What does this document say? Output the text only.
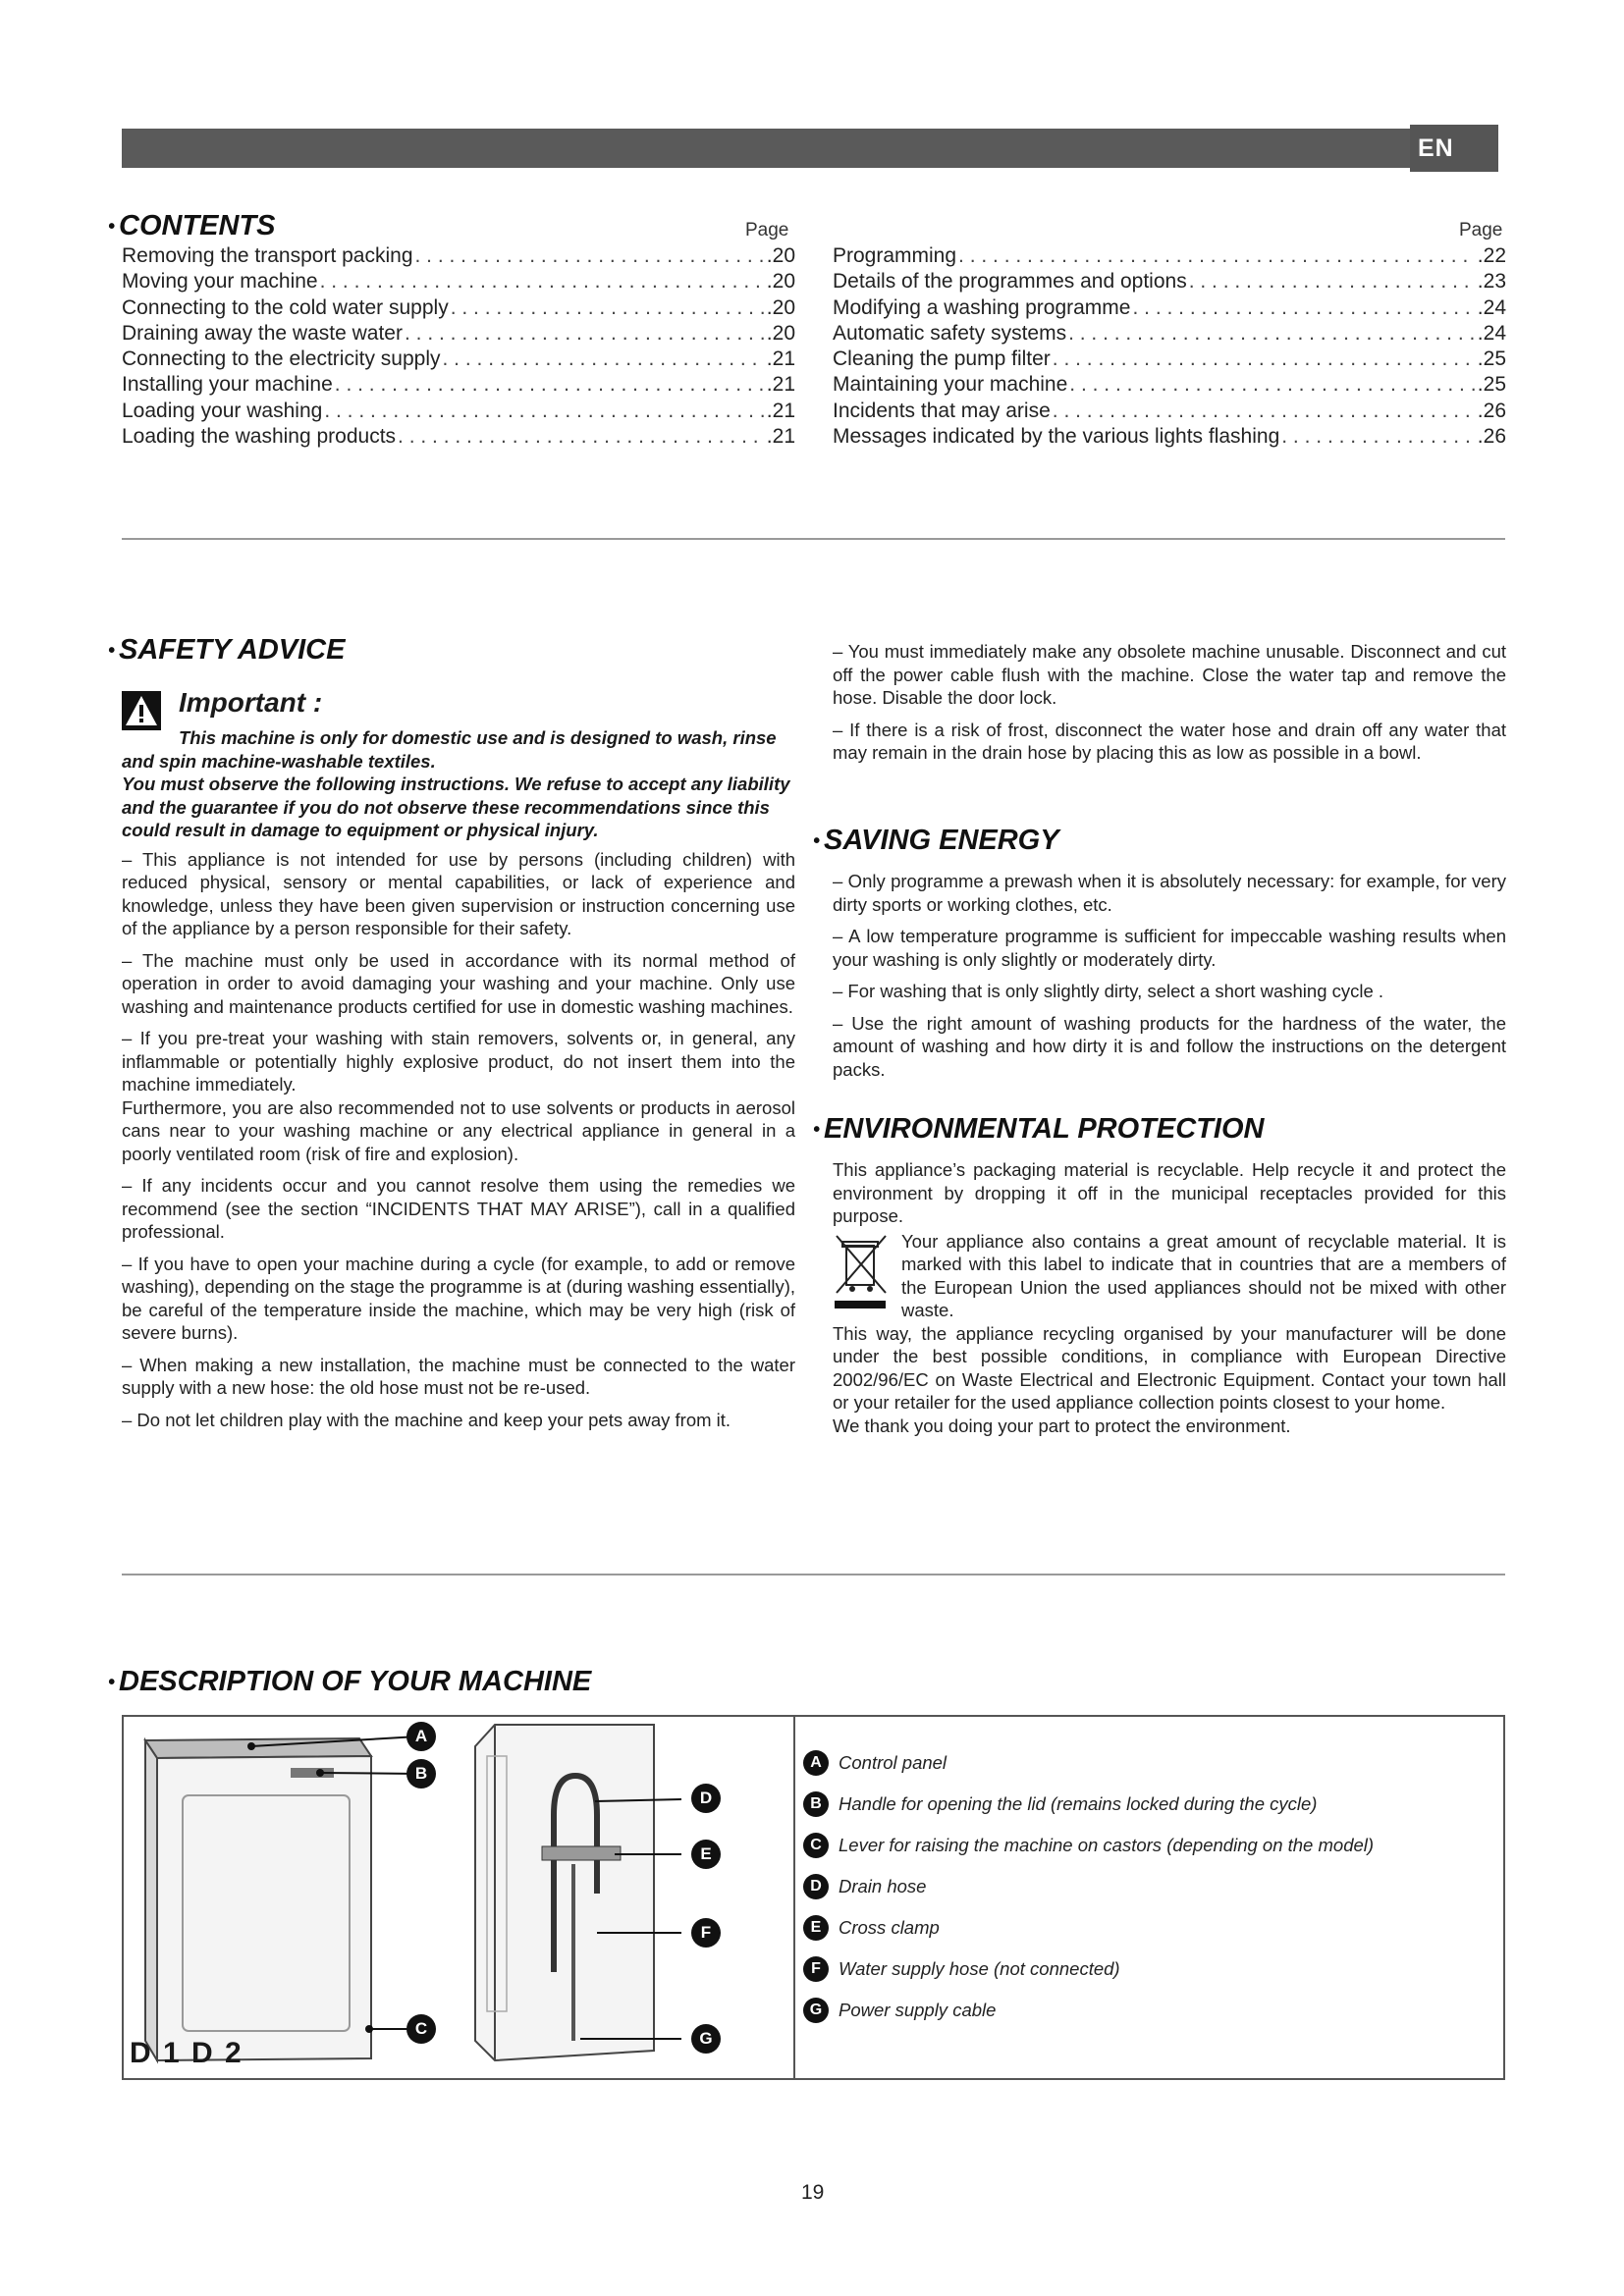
EN
• CONTENTS	Page	Page
Removing the transport packing . . .	. 20
Moving your machine . . .	. 20
Connecting to the cold water supply . . .	. 20
Draining away the waste water . . .	. 20
Connecting to the electricity supply . . .	. 21
Installing your machine . . .	. 21
Loading your washing . . .	. 21
Loading the washing products . . .	. 21
Programming . . .	. 22
Details of the programmes and options . . .	. 23
Modifying a washing programme . . .	. 24
Automatic safety systems . . .	. 24
Cleaning the pump filter . . .	. 25
Maintaining your machine . . .	. 25
Incidents that may arise . . .	. 26
Messages indicated by the various lights flashing . . .	. 26
• SAFETY ADVICE
Important :
This machine is only for domestic use and is designed to wash, rinse and spin machine-washable textiles.
You must observe the following instructions. We refuse to accept any liability and the guarantee if you do not observe these recommendations since this could result in damage to equipment or physical injury.

– This appliance is not intended for use by persons (including children) with reduced physical, sensory or mental capabilities, or lack of experience and knowledge, unless they have been given supervision or instruction concerning use of the appliance by a person responsible for their safety.

– The machine must only be used in accordance with its normal method of operation in order to avoid damaging your washing and your machine. Only use washing and maintenance products certified for use in domestic washing machines.

– If you pre-treat your washing with stain removers, solvents or, in general, any inflammable or potentially highly explosive product, do not insert them into the machine immediately.

Furthermore, you are also recommended not to use solvents or products in aerosol cans near to your washing machine or any electrical appliance in general in a poorly ventilated room (risk of fire and explosion).

– If any incidents occur and you cannot resolve them using the remedies we recommend (see the section “INCIDENTS THAT MAY ARISE”), call in a qualified professional.

– If you have to open your machine during a cycle (for example, to add or remove washing), depending on the stage the programme is at (during washing essentially), be careful of the temperature inside the machine, which may be very high (risk of severe burns).

– When making a new installation, the machine must be connected to the water supply with a new hose: the old hose must not be re-used.

– Do not let children play with the machine and keep your pets away from it.

– You must immediately make any obsolete machine unusable. Disconnect and cut off the power cable flush with the machine. Close the water tap and remove the hose. Disable the door lock.

– If there is a risk of frost, disconnect the water hose and drain off any water that may remain in the drain hose by placing this as low as possible in a bowl.

• SAVING ENERGY

– Only programme a prewash when it is absolutely necessary: for example, for very dirty sports or working clothes, etc.

– A low temperature programme is sufficient for impeccable washing results when your washing is only slightly or moderately dirty.

– For washing that is only slightly dirty, select a short washing cycle .

– Use the right amount of washing products for the hardness of the water, the amount of washing and how dirty it is and follow the instructions on the detergent packs.

• ENVIRONMENTAL PROTECTION

This appliance’s packaging material is recyclable. Help recycle it and protect the environment by dropping it off in the municipal receptacles provided for this purpose.

Your appliance also contains a great amount of recyclable material. It is marked with this label to indicate that in countries that are a members of the European Union the used appliances should not be mixed with other waste.

This way, the appliance recycling organised by your manufacturer will be done under the best possible conditions, in compliance with European Directive 2002/96/EC on Waste Electrical and Electronic Equipment. Contact your town hall or your retailer for the used appliance collection points closest to your home.

We thank you doing your part to protect the environment.

• DESCRIPTION OF YOUR MACHINE
A
B
C
D 1 D 2
D
E
F
G
A Control panel
B Handle for opening the lid (remains locked during the cycle)
C Lever for raising the machine on castors (depending on the model)
D Drain hose
E Cross clamp
F Water supply hose (not connected)
G Power supply cable
19
